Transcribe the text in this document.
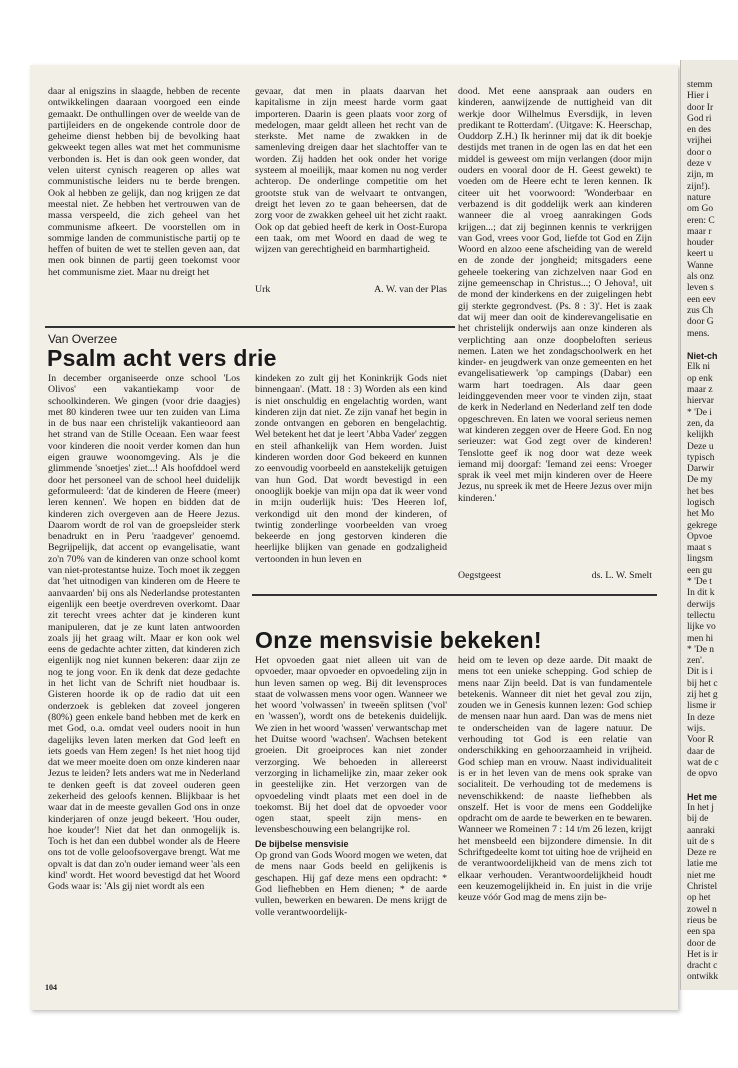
daar al enigszins in slaagde, hebben de recente ontwikkelingen daaraan voorgoed een einde gemaakt. De onthullingen over de weelde van de partijleiders en de ongekende controle door de geheime dienst hebben bij de bevolking haat gekweekt tegen alles wat met het communisme verbonden is. Het is dan ook geen wonder, dat velen uiterst cynisch reageren op alles wat communistische leiders nu te berde brengen. Ook al hebben ze gelijk, dan nog krijgen ze dat meestal niet. Ze hebben het vertrouwen van de massa verspeeld, die zich geheel van het communisme afkeert. De voorstellen om in sommige landen de communistische partij op te heffen of buiten de wet te stellen geven aan, dat men ook binnen de partij geen toekomst voor het communisme ziet. Maar nu dreigt het

gevaar, dat men in plaats daarvan het kapitalisme in zijn meest harde vorm gaat importeren. Daarin is geen plaats voor zorg of medelogen, maar geldt alleen het recht van de sterkste. Met name de zwakken in de samenleving dreigen daar het slachtoffer van te worden. Zij hadden het ook onder het vorige systeem al moeilijk, maar komen nu nog verder achterop. De onderlinge competitie om het grootste stuk van de welvaart te ontvangen, dreigt het leven zo te gaan beheersen, dat de zorg voor de zwakken geheel uit het zicht raakt. Ook op dat gebied heeft de kerk in Oost-Europa een taak, om met Woord en daad de weg te wijzen van gerechtigheid en barmhartigheid.

Urk	A. W. van der Plas
Van Overzee
Psalm acht vers drie

In december organiseerde onze school 'Los Olivos' een vakantiekamp voor de schoolkinderen. We gingen (voor drie daagjes) met 80 kinderen twee uur ten zuiden van Lima in de bus naar een christelijk vakantieoord aan het strand van de Stille Oceaan. Een waar feest voor kinderen die nooit verder komen dan hun eigen grauwe woonomgeving. Als je die glimmende 'snoetjes' ziet...! Als hoofddoel werd door het personeel van de school heel duidelijk geformuleerd: 'dat de kinderen de Heere (meer) leren kennen'. We hopen en bidden dat de kinderen zich overgeven aan de Heere Jezus. Daarom wordt de rol van de groepsleider sterk benadrukt en in Peru 'raadgever' genoemd. Begrijpelijk, dat accent op evangelisatie, want zo'n 70% van de kinderen van onze school komt van niet-protestantse huize. Toch moet ik zeggen dat 'het uitnodigen van kinderen om de Heere te aanvaarden' bij ons als Nederlandse protestanten eigenlijk een beetje overdreven overkomt. Daar zit terecht vrees achter dat je kinderen kunt manipuleren, dat je ze kunt laten antwoorden zoals jij het graag wilt. Maar er kon ook wel eens de gedachte achter zitten, dat kinderen zich eigenlijk nog niet kunnen bekeren: daar zijn ze nog te jong voor. En ik denk dat deze gedachte in het licht van de Schrift niet houdbaar is. Gisteren hoorde ik op de radio dat uit een onderzoek is gebleken dat zoveel jongeren (80%) geen enkele band hebben met de kerk en met God, o.a. omdat veel ouders nooit in hun dagelijks leven laten merken dat God leeft en iets goeds van Hem zegen! Is het niet hoog tijd dat we meer moeite doen om onze kinderen naar Jezus te leiden? Iets anders wat me in Nederland te denken geeft is dat zoveel ouderen geen zekerheid des geloofs kennen. Blijkbaar is het waar dat in de meeste gevallen God ons in onze kinderjaren of onze jeugd bekeert. 'Hou ouder, hoe kouder'! Niet dat het dan onmogelijk is. Toch is het dan een dubbel wonder als de Heere ons tot de volle geloofsovergave brengt. Wat me opvalt is dat dan zo'n ouder iemand weer 'als een kind' wordt. Het woord bevestigd dat het Woord Gods waar is: 'Als gij niet wordt als een

kindeken zo zult gij het Koninkrijk Gods niet binnengaan'. (Matt. 18 : 3) Worden als een kind is niet onschuldig en engelachtig worden, want kinderen zijn dat niet. Ze zijn vanaf het begin in zonde ontvangen en geboren en bengelachtig. Wel betekent het dat je leert 'Abba Vader' zeggen en steil afhankelijk van Hem worden. Juist kinderen worden door God bekeerd en kunnen zo eenvoudig voorbeeld en aanstekelijk getuigen van hun God. Dat wordt bevestigd in een onooglijk boekje van mijn opa dat ik weer vond in m:ijn ouderlijk huis: 'Des Heeren lof, verkondigd uit den mond der kinderen, of twintig zonderlinge voorbeelden van vroeg bekeerde en jong gestorven kinderen die heerlijke blijken van genade en godzaligheid vertoonden in hun leven en

dood. Met eene aanspraak aan ouders en kinderen, aanwijzende de nuttigheid van dit werkje door Wilhelmus Eversdijk, in leven predikant te Rotterdam'. (Uitgave: K. Heerschap, Ouddorp Z.H.) Ik herinner mij dat ik dit boekje destijds met tranen in de ogen las en dat het een middel is geweest om mijn verlangen (door mijn ouders en vooral door de H. Geest gewekt) te voeden om de Heere echt te leren kennen. Ik citeer uit het voorwoord: 'Wonderbaar en verbazend is dit goddelijk werk aan kinderen wanneer die al vroeg aanrakingen Gods krijgen...; dat zij beginnen kennis te verkrijgen van God, vrees voor God, liefde tot God en Zijn Woord en alzoo eene afscheiding van de wereld en de zonde der jongheid; mitsgaders eene geheele toekering van zichzelven naar God en zijne gemeenschap in Christus...; O Jehova!, uit de mond der kinderkens en der zuigelingen hebt gij sterkte gegrondvest. (Ps. 8 : 3)'. Het is zaak dat wij meer dan ooit de kinderevangelisatie en het christelijk onderwijs aan onze kinderen als verplichting aan onze doopbeloften serieus nemen. Laten we het zondagschoolwerk en het kinder- en jeugdwerk van onze gemeenten en het evangelisatiewerk 'op campings (Dabar) een warm hart toedragen. Als daar geen leidinggevenden meer voor te vinden zijn, staat de kerk in Nederland en Nederland zelf ten dode opgeschreven. En laten we vooral serieus nemen wat kinderen zeggen over de Heere God. En nog serieuzer: wat God zegt over de kinderen! Tenslotte geef ik nog door wat deze week iemand mij doorgaf: 'Iemand zei eens: Vroeger sprak ik veel met mijn kinderen over de Heere Jezus, nu spreek ik met de Heere Jezus over mijn kinderen.'

Oegstgeest	ds. L. W. Smelt
Onze mensvisie bekeken!

Het opvoeden gaat niet alleen uit van de opvoeder, maar opvoeder en opvoedeling zijn in hun leven samen op weg. Bij dit levensproces staat de volwassen mens voor ogen. Wanneer we het woord 'volwassen' in tweeën splitsen ('vol' en 'wassen'), wordt ons de betekenis duidelijk. We zien in het woord 'wassen' verwantschap met het Duitse woord 'wachsen'. Wachsen betekent groeien. Dit groeiproces kan niet zonder verzorging. We behoeden in allereerst verzorging in lichamelijke zin, maar zeker ook in geestelijke zin. Het verzorgen van de opvoedeling vindt plaats met een doel in de toekomst. Bij het doel dat de opvoeder voor ogen staat, speelt zijn mens- en levensbeschouwing een belangrijke rol.

De bijbelse mensvisie

Op grond van Gods Woord mogen we weten, dat de mens naar Gods beeld en gelijkenis is geschapen. Hij gaf deze mens een opdracht: * God liefhebben en Hem dienen; * de aarde vullen, bewerken en bewaren. De mens krijgt de volle verantwoordelijk-

heid om te leven op deze aarde. Dit maakt de mens tot een unieke schepping. God schiep de mens naar Zijn beeld. Dat is van fundamentele betekenis. Wanneer dit niet het geval zou zijn, zouden we in Genesis kunnen lezen: God schiep de mensen naar hun aard. Dan was de mens niet te onderscheiden van de lagere natuur. De verhouding tot God is een relatie van onderschikking en gehoorzaamheid in vrijheid. God schiep man en vrouw. Naast individualiteit is er in het leven van de mens ook sprake van socialiteit. De verhouding tot de medemens is nevenschikkend: de naaste liefhebben als onszelf. Het is voor de mens een Goddelijke opdracht om de aarde te bewerken en te bewaren. Wanneer we Romeinen 7 : 14 t/m 26 lezen, krijgt het mensbeeld een bijzondere dimensie. In dit Schriftgedeelte komt tot uiting hoe de vrijheid en de verantwoordelijkheid van de mens zich tot elkaar verhouden. Verantwoordelijkheid houdt een keuzemogelijkheid in. En juist in die vrije keuze vóór God mag de mens zijn be-

104
stemm
Hier i
door Ir
God ri
en des
vrijhei
door o
deze v
zijn, m
zijn!).
nature
om Go
eren: C
maar r
houder
keert u
Wanne
als onz
leven s
een eev
zus Ch
door G
mens.
Niet-ch
Elk ni
op enk
maar z
hiervar
* 'De i
zen, da
kelijkh
Deze u
typisch
Darwir
De my
het bes
logisch
het Mo
gekrege
Opvoe
maat s
lingsm
een gu
* 'De t
In dit k
derwijs
tellectu
lijke vo
men hi
* 'De n
zen'.
Dit is i
bij het c
zij het g
lisme ir
In deze
wijs.
Voor R
daar de
wat de c
de opvo
Het me
In het j
bij de
aanraki
uit de s
Deze re
latie me
niet me
Christel
op het
zowel n
rieus be
een spa
door de
Het is ir
dracht c
ontwikk
